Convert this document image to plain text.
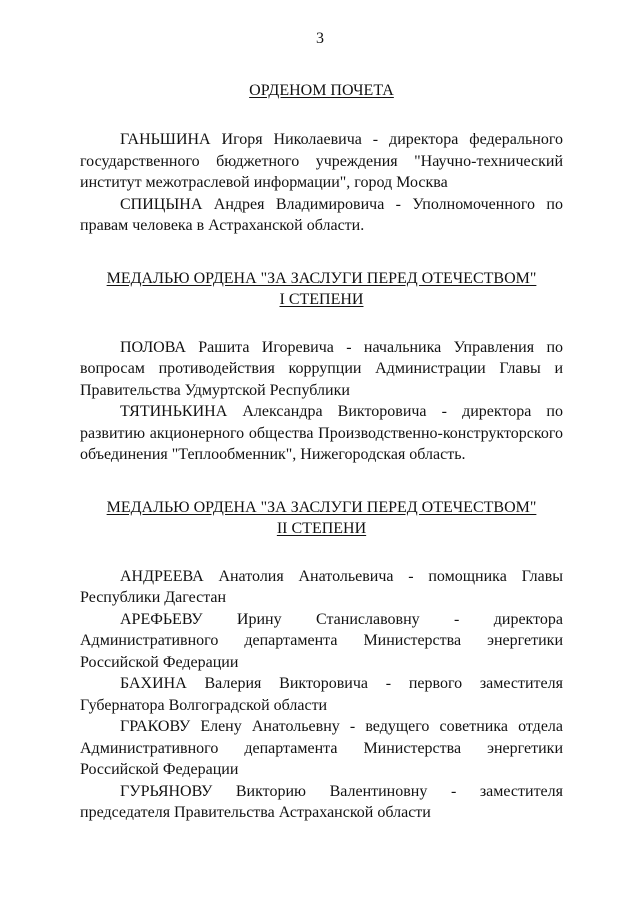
3
ОРДЕНОМ ПОЧЕТА

ГАНЬШИНА Игоря Николаевича - директора федерального государственного бюджетного учреждения "Научно-технический институт межотраслевой информации", город Москва

СПИЦЫНА Андрея Владимировича - Уполномоченного по правам человека в Астраханской области.

МЕДАЛЬЮ ОРДЕНА "ЗА ЗАСЛУГИ ПЕРЕД ОТЕЧЕСТВОМ"
I СТЕПЕНИ

ПОЛОВА Рашита Игоревича - начальника Управления по вопросам противодействия коррупции Администрации Главы и Правительства Удмуртской Республики

ТЯТИНЬКИНА Александра Викторовича - директора по развитию акционерного общества Производственно-конструкторского объединения "Теплообменник", Нижегородская область.

МЕДАЛЬЮ ОРДЕНА "ЗА ЗАСЛУГИ ПЕРЕД ОТЕЧЕСТВОМ"
II СТЕПЕНИ

АНДРЕЕВА Анатолия Анатольевича - помощника Главы Республики Дагестан

АРЕФЬЕВУ Ирину Станиславовну - директора Административного департамента Министерства энергетики Российской Федерации

БАХИНА Валерия Викторовича - первого заместителя Губернатора Волгоградской области

ГРАКОВУ Елену Анатольевну - ведущего советника отдела Административного департамента Министерства энергетики Российской Федерации

ГУРЬЯНОВУ Викторию Валентиновну - заместителя председателя Правительства Астраханской области
